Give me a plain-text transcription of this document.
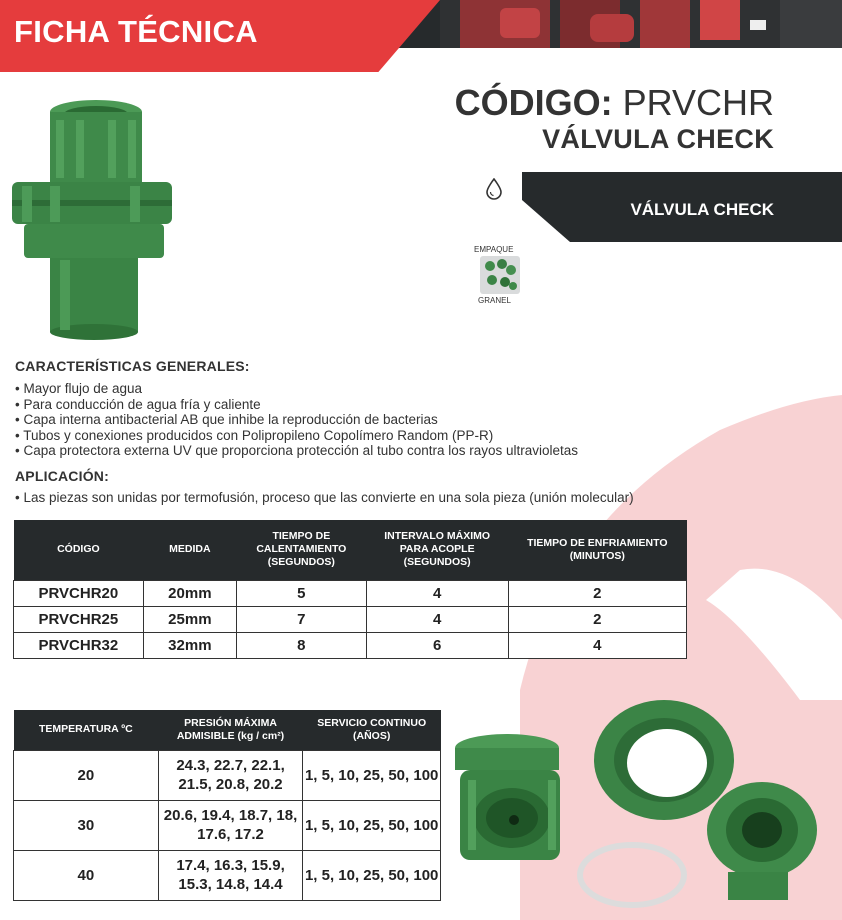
FICHA TÉCNICA
CÓDIGO: PRVCHR
VÁLVULA CHECK
VÁLVULA CHECK
EMPAQUE
GRANEL
CARACTERÍSTICAS GENERALES:
• Mayor flujo de agua
• Para conducción de agua fría y caliente
• Capa interna antibacterial AB que inhibe la reproducción de bacterias
• Tubos y conexiones producidos con Polipropileno Copolímero Random (PP-R)
• Capa protectora externa UV que proporciona protección al tubo contra los rayos ultravioletas
APLICACIÓN:
• Las piezas son unidas por termofusión, proceso que las convierte en una sola pieza (unión molecular)
CÓDIGO	MEDIDA	TIEMPO DE CALENTAMIENTO (SEGUNDOS)	INTERVALO MÁXIMO PARA ACOPLE (SEGUNDOS)	TIEMPO DE ENFRIAMIENTO (MINUTOS)
PRVCHR20	20mm	5	4	2
PRVCHR25	25mm	7	4	2
PRVCHR32	32mm	8	6	4
TEMPERATURA ºC	PRESIÓN MÁXIMA ADMISIBLE (kg / cm²)	SERVICIO CONTINUO (AÑOS)
20	24.3, 22.7, 22.1, 21.5, 20.8, 20.2	1, 5, 10, 25, 50, 100
30	20.6, 19.4, 18.7, 18, 17.6, 17.2	1, 5, 10, 25, 50, 100
40	17.4, 16.3, 15.9, 15.3, 14.8, 14.4	1, 5, 10, 25, 50, 100
